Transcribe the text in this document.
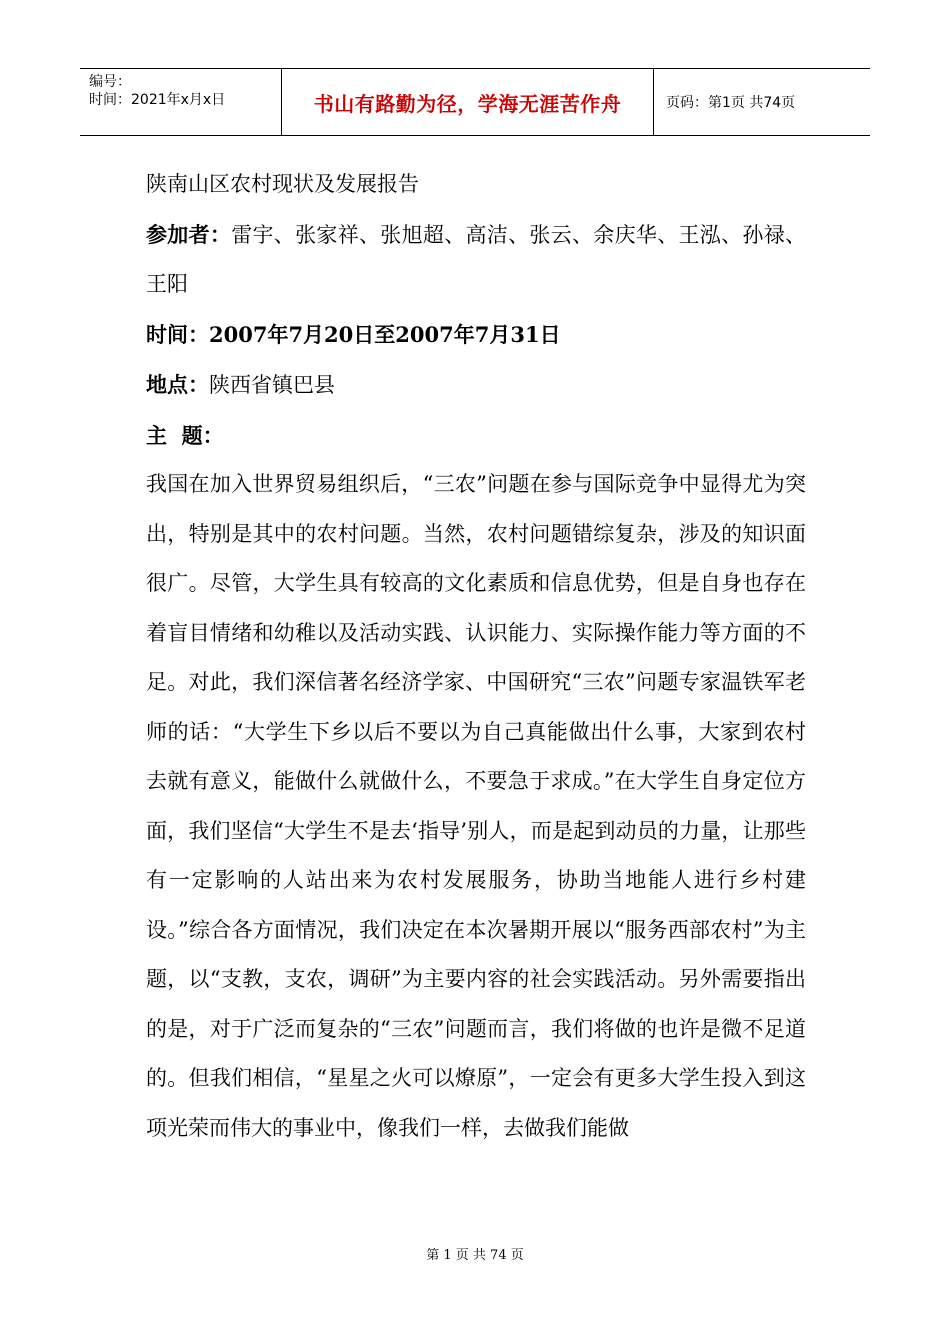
编号：
时间：2021年x月x日	书山有路勤为径，学海无涯苦作舟	页码：第1页 共74页

陕南山区农村现状及发展报告

参加者：雷宇、张家祥、张旭超、高洁、张云、余庆华、王泓、孙禄、王阳

时间：2007年7月20日至2007年7月31日

地点：陕西省镇巴县

主  题：

我国在加入世界贸易组织后，“三农”问题在参与国际竞争中显得尤为突出，特别是其中的农村问题。当然，农村问题错综复杂，涉及的知识面很广。尽管，大学生具有较高的文化素质和信息优势，但是自身也存在着盲目情绪和幼稚以及活动实践、认识能力、实际操作能力等方面的不足。对此，我们深信著名经济学家、中国研究“三农”问题专家温铁军老师的话：“大学生下乡以后不要以为自己真能做出什么事，大家到农村去就有意义，能做什么就做什么，不要急于求成。”在大学生自身定位方面，我们坚信“大学生不是去‘指导’别人，而是起到动员的力量，让那些有一定影响的人站出来为农村发展服务，协助当地能人进行乡村建设。”综合各方面情况，我们决定在本次暑期开展以“服务西部农村”为主题，以“支教，支农，调研”为主要内容的社会实践活动。另外需要指出的是，对于广泛而复杂的“三农”问题而言，我们将做的也许是微不足道的。但我们相信，“星星之火可以燎原”，一定会有更多大学生投入到这项光荣而伟大的事业中，像我们一样，去做我们能做

第 1 页 共 74 页
